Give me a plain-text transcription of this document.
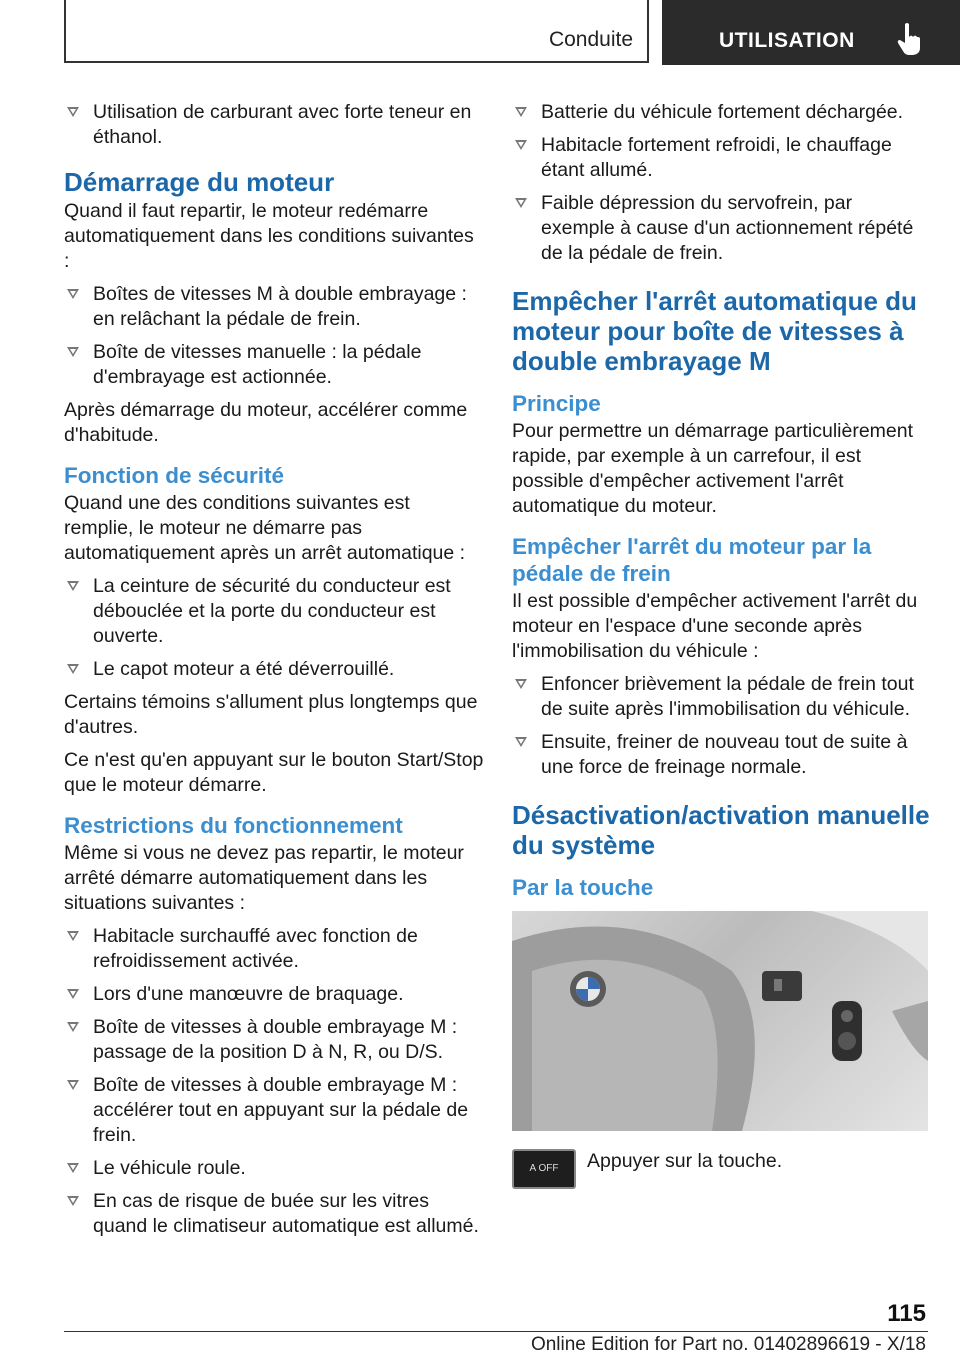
Conduite	UTILISATION
Utilisation de carburant avec forte teneur en éthanol.
Démarrage du moteur

Quand il faut repartir, le moteur redémarre automatiquement dans les conditions suivantes :

Boîtes de vitesses M à double embrayage : en relâchant la pédale de frein.
Boîte de vitesses manuelle : la pédale d'embrayage est actionnée.

Après démarrage du moteur, accélérer comme d'habitude.

Fonction de sécurité

Quand une des conditions suivantes est remplie, le moteur ne démarre pas automatiquement après un arrêt automatique :

La ceinture de sécurité du conducteur est débouclée et la porte du conducteur est ouverte.
Le capot moteur a été déverrouillé.

Certains témoins s'allument plus longtemps que d'autres.

Ce n'est qu'en appuyant sur le bouton Start/Stop que le moteur démarre.

Restrictions du fonctionnement

Même si vous ne devez pas repartir, le moteur arrêté démarre automatiquement dans les situations suivantes :

Habitacle surchauffé avec fonction de refroidissement activée.
Lors d'une manœuvre de braquage.
Boîte de vitesses à double embrayage M : passage de la position D à N, R, ou D/S.
Boîte de vitesses à double embrayage M : accélérer tout en appuyant sur la pédale de frein.
Le véhicule roule.
En cas de risque de buée sur les vitres quand le climatiseur automatique est allumé.
Batterie du véhicule fortement déchargée.
Habitacle fortement refroidi, le chauffage étant allumé.
Faible dépression du servofrein, par exemple à cause d'un actionnement répété de la pédale de frein.
Empêcher l'arrêt automatique du moteur pour boîte de vitesses à double embrayage M
Principe

Pour permettre un démarrage particulièrement rapide, par exemple à un carrefour, il est possible d'empêcher activement l'arrêt automatique du moteur.

Empêcher l'arrêt du moteur par la pédale de frein

Il est possible d'empêcher activement l'arrêt du moteur en l'espace d'une seconde après l'immobilisation du véhicule :

Enfoncer brièvement la pédale de frein tout de suite après l'immobilisation du véhicule.
Ensuite, freiner de nouveau tout de suite à une force de freinage normale.
Désactivation/activation manuelle du système
Par la touche
A OFF	Appuyer sur la touche.
115
Online Edition for Part no. 01402896619 - X/18
